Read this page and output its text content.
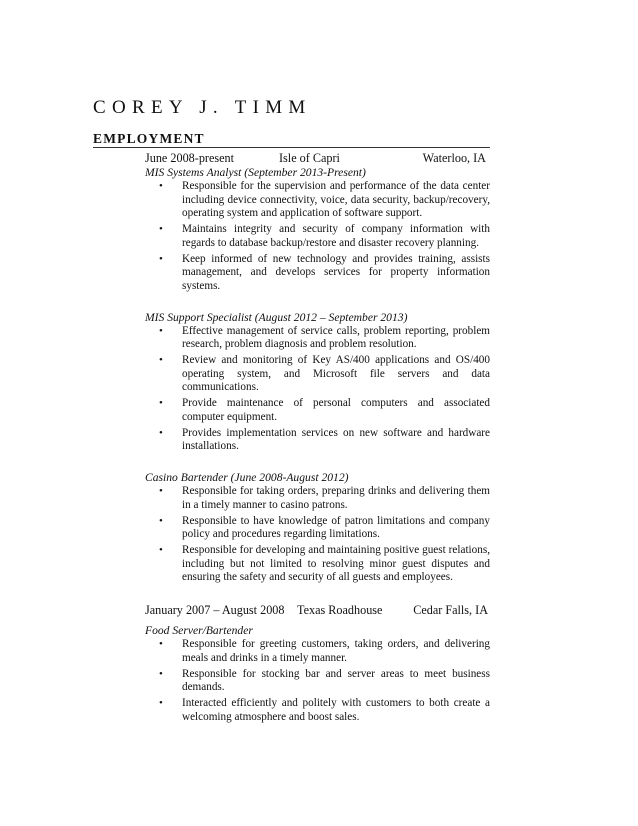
COREY J. TIMM
EMPLOYMENT
June 2008-present	Isle of Capri	Waterloo, IA

MIS Systems Analyst (September 2013-Present)

• Responsible for the supervision and performance of the data center including device connectivity, voice, data security, backup/recovery, operating system and application of software support.
• Maintains integrity and security of company information with regards to database backup/restore and disaster recovery planning.
• Keep informed of new technology and provides training, assists management, and develops services for property information systems.

MIS Support Specialist (August 2012 – September 2013)

• Effective management of service calls, problem reporting, problem research, problem diagnosis and problem resolution.
• Review and monitoring of Key AS/400 applications and OS/400 operating system, and Microsoft file servers and data communications.
• Provide maintenance of personal computers and associated computer equipment.
• Provides implementation services on new software and hardware installations.

Casino Bartender (June 2008-August 2012)

• Responsible for taking orders, preparing drinks and delivering them in a timely manner to casino patrons.
• Responsible to have knowledge of patron limitations and company policy and procedures regarding limitations.
• Responsible for developing and maintaining positive guest relations, including but not limited to resolving minor guest disputes and ensuring the safety and security of all guests and employees.
January 2007 – August 2008 Texas Roadhouse	Cedar Falls, IA

Food Server/Bartender

• Responsible for greeting customers, taking orders, and delivering meals and drinks in a timely manner.
• Responsible for stocking bar and server areas to meet business demands.
• Interacted efficiently and politely with customers to both create a welcoming atmosphere and boost sales.
